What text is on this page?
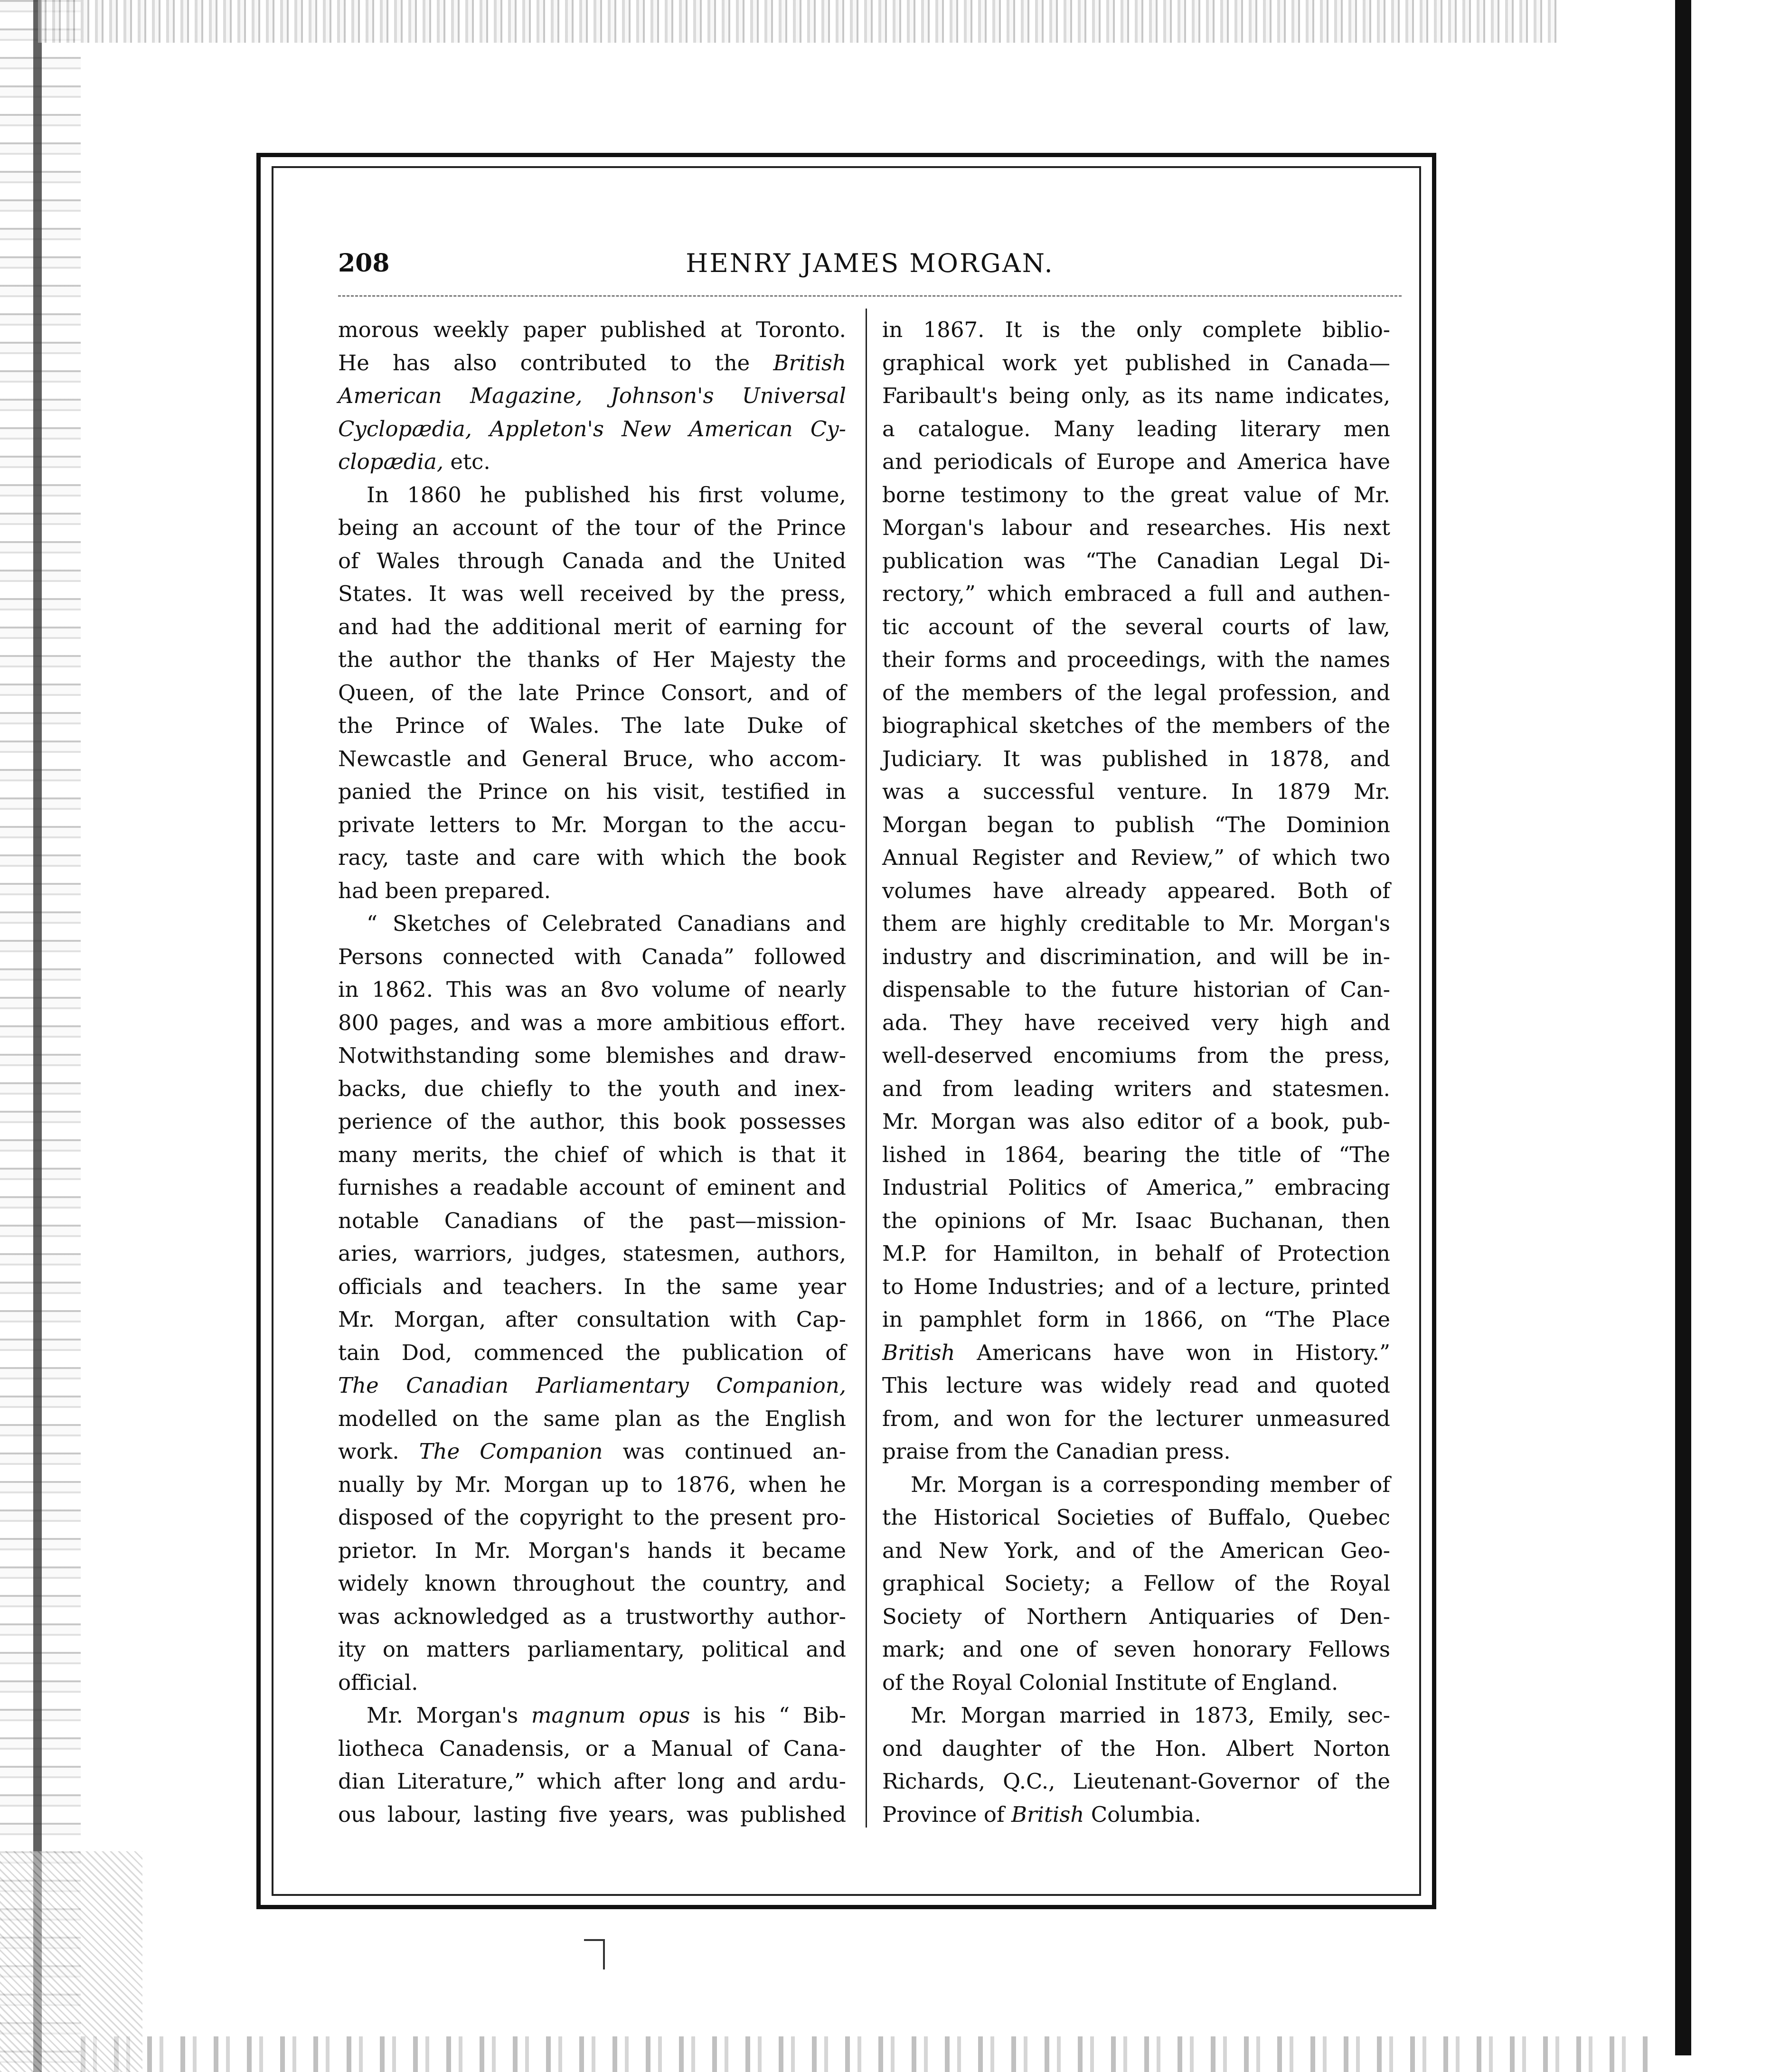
208	HENRY JAMES MORGAN.
morous weekly paper published at Toronto.
He has also contributed to the British
American Magazine, Johnson's Universal
Cyclopædia, Appleton's New American Cy-
clopædia, etc.
In 1860 he published his first volume,
being an account of the tour of the Prince
of Wales through Canada and the United
States. It was well received by the press,
and had the additional merit of earning for
the author the thanks of Her Majesty the
Queen, of the late Prince Consort, and of
the Prince of Wales. The late Duke of
Newcastle and General Bruce, who accom-
panied the Prince on his visit, testified in
private letters to Mr. Morgan to the accu-
racy, taste and care with which the book
had been prepared.
“ Sketches of Celebrated Canadians and
Persons connected with Canada” followed
in 1862. This was an 8vo volume of nearly
800 pages, and was a more ambitious effort.
Notwithstanding some blemishes and draw-
backs, due chiefly to the youth and inex-
perience of the author, this book possesses
many merits, the chief of which is that it
furnishes a readable account of eminent and
notable Canadians of the past—mission-
aries, warriors, judges, statesmen, authors,
officials and teachers. In the same year
Mr. Morgan, after consultation with Cap-
tain Dod, commenced the publication of
The Canadian Parliamentary Companion,
modelled on the same plan as the English
work. The Companion was continued an-
nually by Mr. Morgan up to 1876, when he
disposed of the copyright to the present pro-
prietor. In Mr. Morgan's hands it became
widely known throughout the country, and
was acknowledged as a trustworthy author-
ity on matters parliamentary, political and
official.
Mr. Morgan's magnum opus is his “ Bib-
liotheca Canadensis, or a Manual of Cana-
dian Literature,” which after long and ardu-
ous labour, lasting five years, was published
in 1867. It is the only complete biblio-
graphical work yet published in Canada—
Faribault's being only, as its name indicates,
a catalogue. Many leading literary men
and periodicals of Europe and America have
borne testimony to the great value of Mr.
Morgan's labour and researches. His next
publication was “The Canadian Legal Di-
rectory,” which embraced a full and authen-
tic account of the several courts of law,
their forms and proceedings, with the names
of the members of the legal profession, and
biographical sketches of the members of the
Judiciary. It was published in 1878, and
was a successful venture. In 1879 Mr.
Morgan began to publish “The Dominion
Annual Register and Review,” of which two
volumes have already appeared. Both of
them are highly creditable to Mr. Morgan's
industry and discrimination, and will be in-
dispensable to the future historian of Can-
ada. They have received very high and
well-deserved encomiums from the press,
and from leading writers and statesmen.
Mr. Morgan was also editor of a book, pub-
lished in 1864, bearing the title of “The
Industrial Politics of America,” embracing
the opinions of Mr. Isaac Buchanan, then
M.P. for Hamilton, in behalf of Protection
to Home Industries; and of a lecture, printed
in pamphlet form in 1866, on “The Place
British Americans have won in History.”
This lecture was widely read and quoted
from, and won for the lecturer unmeasured
praise from the Canadian press.
Mr. Morgan is a corresponding member of
the Historical Societies of Buffalo, Quebec
and New York, and of the American Geo-
graphical Society; a Fellow of the Royal
Society of Northern Antiquaries of Den-
mark; and one of seven honorary Fellows
of the Royal Colonial Institute of England.
Mr. Morgan married in 1873, Emily, sec-
ond daughter of the Hon. Albert Norton
Richards, Q.C., Lieutenant-Governor of the
Province of British Columbia.
